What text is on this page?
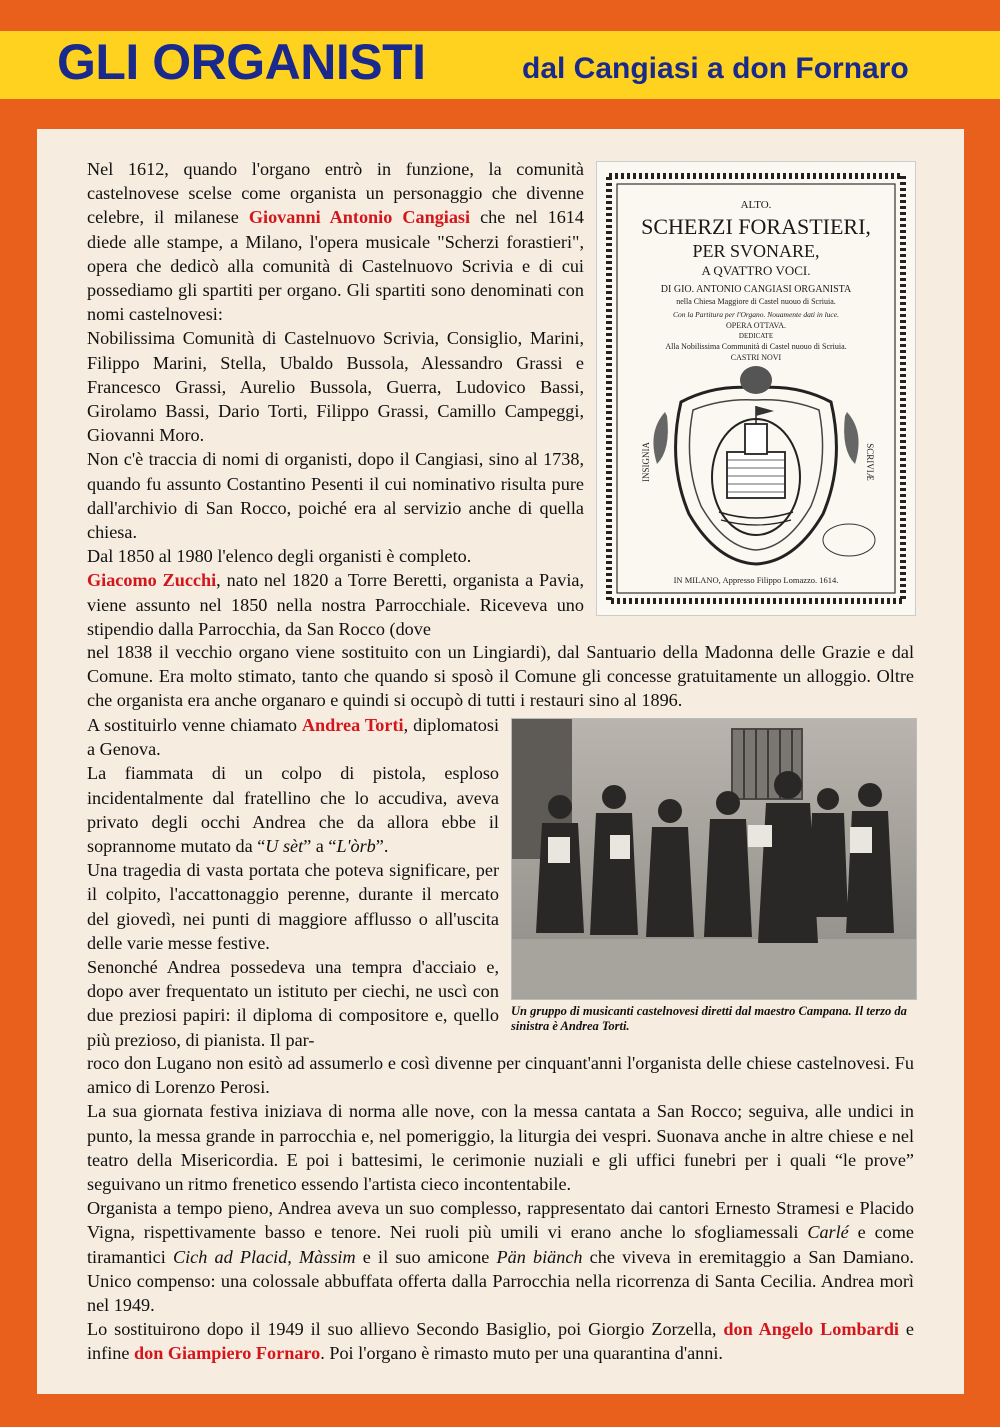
GLI ORGANISTI	dal Cangiasi a don Fornaro

Nel 1612, quando l'organo entrò in funzione, la comunità castelnovese scelse come organista un personaggio che divenne celebre, il milanese Giovanni Antonio Cangiasi che nel 1614 diede alle stampe, a Milano, l'opera musicale "Scherzi forastieri", opera che dedicò alla comunità di Castelnuovo Scrivia e di cui possediamo gli spartiti per organo. Gli spartiti sono denominati con nomi castelnovesi:

Nobilissima Comunità di Castelnuovo Scrivia, Consiglio, Marini, Filippo Marini, Stella, Ubaldo Bussola, Alessandro Grassi e Francesco Grassi, Aurelio Bussola, Guerra, Ludovico Bassi, Girolamo Bassi, Dario Torti, Filippo Grassi, Camillo Campeggi, Giovanni Moro.

Non c'è traccia di nomi di organisti, dopo il Cangiasi, sino al 1738, quando fu assunto Costantino Pesenti il cui nominativo risulta pure dall'archivio di San Rocco, poiché era al servizio anche di quella chiesa.

Dal 1850 al 1980 l'elenco degli organisti è completo.

Giacomo Zucchi, nato nel 1820 a Torre Beretti, organista a Pavia, viene assunto nel 1850 nella nostra Parrocchiale. Riceveva uno stipendio dalla Parrocchia, da San Rocco (dove

nel 1838 il vecchio organo viene sostituito con un Lingiardi), dal Santuario della Madonna delle Grazie e dal Comune. Era molto stimato, tanto che quando si sposò il Comune gli concesse gratuitamente un alloggio. Oltre che organista era anche organaro e quindi si occupò di tutti i restauri sino al 1896.

A sostituirlo venne chiamato Andrea Torti, diplomatosi a Genova.

La fiammata di un colpo di pistola, esploso incidentalmente dal fratellino che lo accudiva, aveva privato degli occhi Andrea che da allora ebbe il soprannome mutato da “U sèt” a “L'òrb”.

Una tragedia di vasta portata che poteva significare, per il colpito, l'accattonaggio perenne, durante il mercato del giovedì, nei punti di maggiore afflusso o all'uscita delle varie messe festive.

Senonché Andrea possedeva una tempra d'acciaio e, dopo aver frequentato un istituto per ciechi, ne uscì con due preziosi papiri: il diploma di compositore e, quello più prezioso, di pianista. Il par-

roco don Lugano non esitò ad assumerlo e così divenne per cinquant'anni l'organista delle chiese castelnovesi. Fu amico di Lorenzo Perosi.

La sua giornata festiva iniziava di norma alle nove, con la messa cantata a San Rocco; seguiva, alle undici in punto, la messa grande in parrocchia e, nel pomeriggio, la liturgia dei vespri. Suonava anche in altre chiese e nel teatro della Misericordia. E poi i battesimi, le cerimonie nuziali e gli uffici funebri per i quali “le prove” seguivano un ritmo frenetico essendo l'artista cieco incontentabile.

Organista a tempo pieno, Andrea aveva un suo complesso, rappresentato dai cantori Ernesto Stramesi e Placido Vigna, rispettivamente basso e tenore. Nei ruoli più umili vi erano anche lo sfogliamessali Carlé e come tiramantici Cich ad Placid, Màssim e il suo amicone Pän biänch che viveva in eremitaggio a San Damiano. Unico compenso: una colossale abbuffata offerta dalla Parrocchia nella ricorrenza di Santa Cecilia. Andrea morì nel 1949.

Lo sostituirono dopo il 1949 il suo allievo Secondo Basiglio, poi Giorgio Zorzella, don Angelo Lombardi e infine don Giampiero Fornaro. Poi l'organo è rimasto muto per una quarantina d'anni.

ALTO.
SCHERZI FORASTIERI,
PER SVONARE,
A QVATTRO VOCI.
DI GIO. ANTONIO CANGIASI ORGANISTA
nella Chiesa Maggiore di Castel nuouo di Scriuia.
Con la Partitura per l'Organo. Nouamente dati in luce.
OPERA OTTAVA.
DEDICATE
Alla Nobilissima Communità di Castel nuouo di Scriuia.
CASTRI NOVI
IN MILANO, Appresso Filippo Lomazzo. 1614.
INSIGNIA	SCRIVIÆ
Un gruppo di musicanti castelnovesi diretti dal maestro Campana. Il terzo da sinistra è Andrea Torti.
